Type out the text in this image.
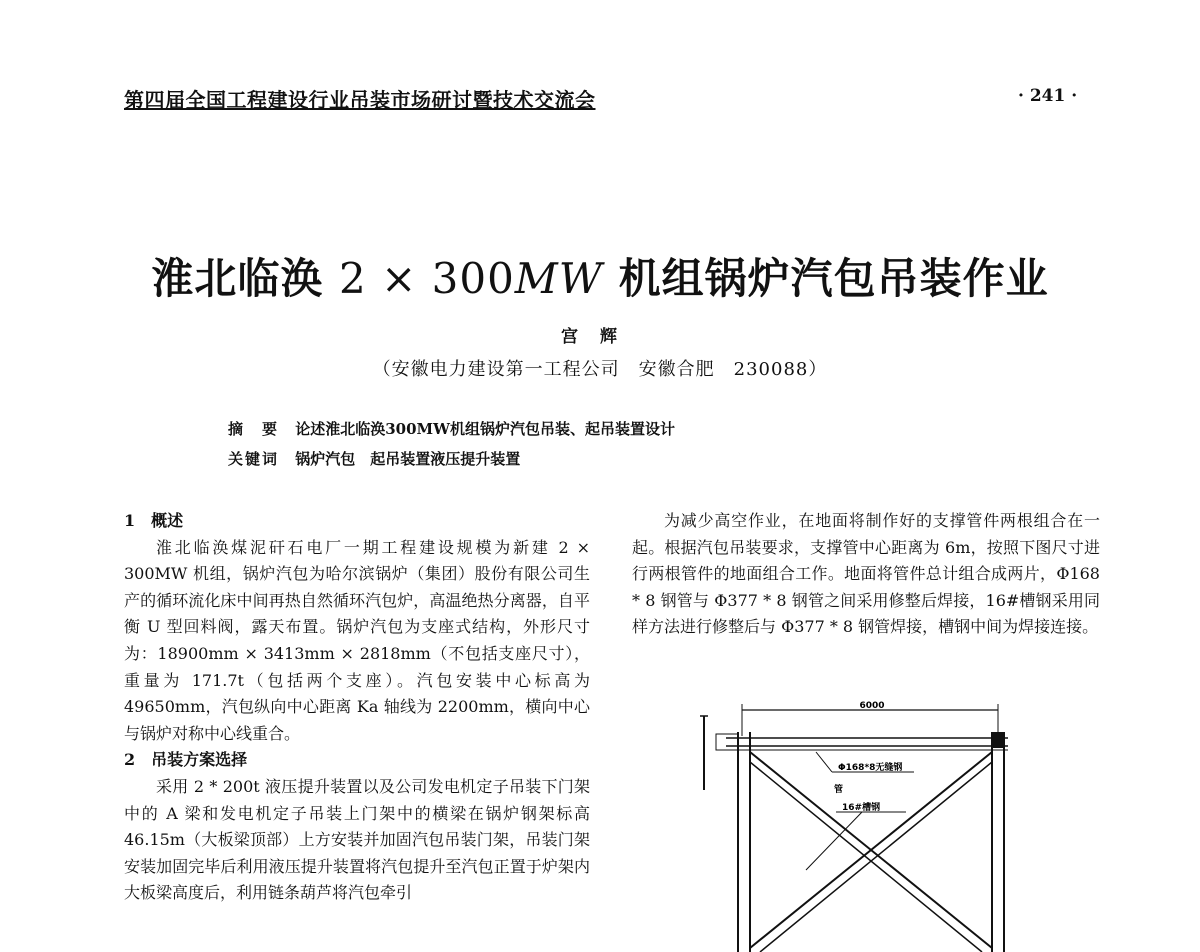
第四届全国工程建设行业吊装市场研讨暨技术交流会	· 241 ·
淮北临涣 2 × 300MW 机组锅炉汽包吊装作业
宫辉
（安徽电力建设第一工程公司　安徽合肥　230088）
摘　要 论述淮北临涣300MW机组锅炉汽包吊装、起吊装置设计
关键词 锅炉汽包　起吊装置液压提升装置
1　概述

淮北临涣煤泥矸石电厂一期工程建设规模为新建 2 × 300MW 机组，锅炉汽包为哈尔滨锅炉（集团）股份有限公司生产的循环流化床中间再热自然循环汽包炉，高温绝热分离器，自平衡 U 型回料阀，露天布置。锅炉汽包为支座式结构，外形尺寸为：18900mm × 3413mm × 2818mm（不包括支座尺寸），重量为 171.7t（包括两个支座）。汽包安装中心标高为 49650mm，汽包纵向中心距离 Ka 轴线为 2200mm，横向中心与锅炉对称中心线重合。

2　吊装方案选择

采用 2 * 200t 液压提升装置以及公司发电机定子吊装下门架中的 A 梁和发电机定子吊装上门架中的横梁在锅炉钢架标高 46.15m（大板梁顶部）上方安装并加固汽包吊装门架，吊装门架安装加固完毕后利用液压提升装置将汽包提升至汽包正置于炉架内大板梁高度后，利用链条葫芦将汽包牵引

为减少高空作业，在地面将制作好的支撑管件两根组合在一起。根据汽包吊装要求，支撑管中心距离为 6m，按照下图尺寸进行两根管件的地面组合工作。地面将管件总计组合成两片，Φ168 * 8 钢管与 Φ377 * 8 钢管之间采用修整后焊接，16#槽钢采用同样方法进行修整后与 Φ377 * 8 钢管焊接，槽钢中间为焊接连接。

6000
Φ168*8无缝钢
管
16#槽钢
